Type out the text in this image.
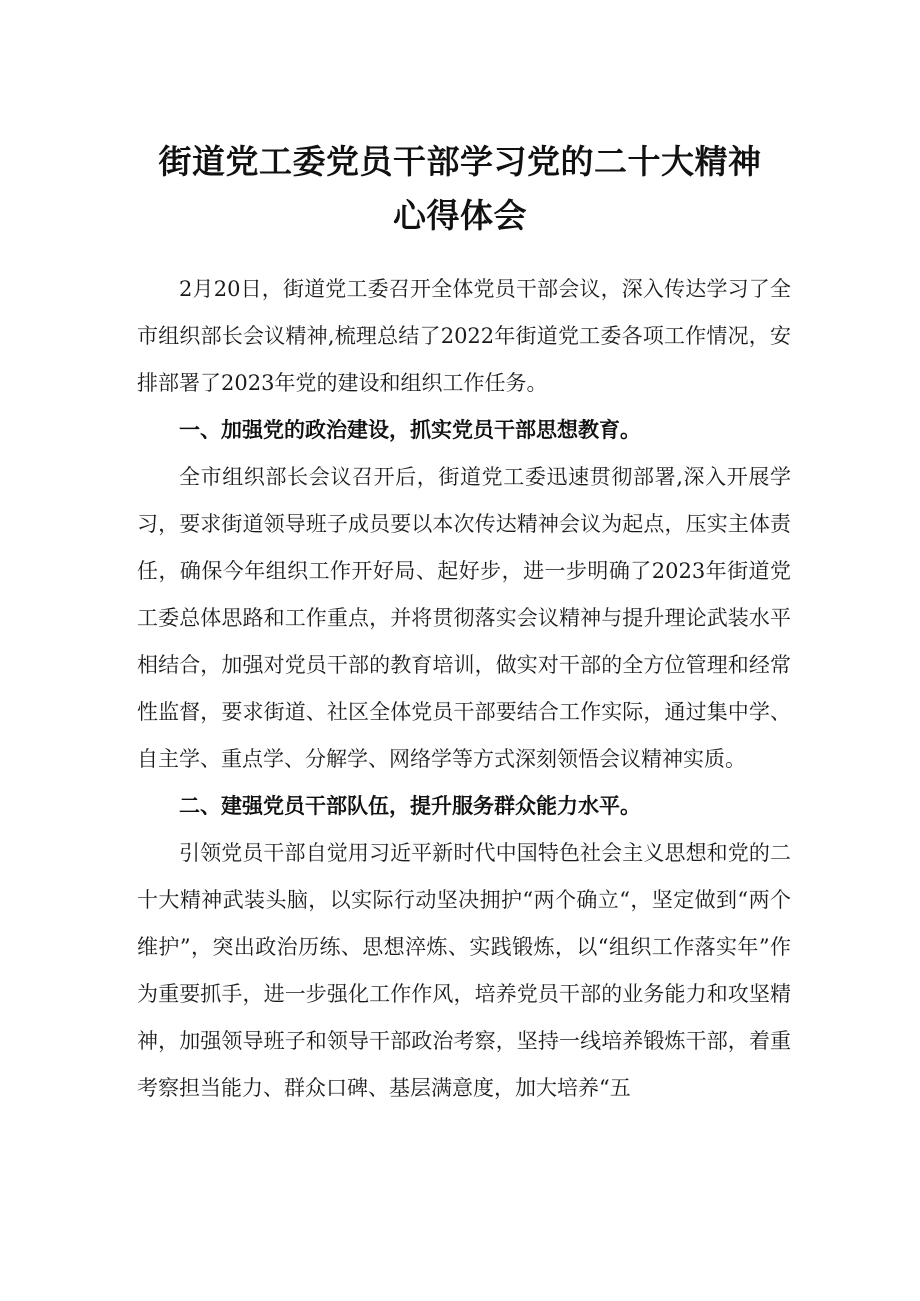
街道党工委党员干部学习党的二十大精神
心得体会

2月20日，街道党工委召开全体党员干部会议，深入传达学习了全市组织部长会议精神,梳理总结了2022年街道党工委各项工作情况，安排部署了2023年党的建设和组织工作任务。

一、加强党的政治建设，抓实党员干部思想教育。

全市组织部长会议召开后，街道党工委迅速贯彻部署,深入开展学习，要求街道领导班子成员要以本次传达精神会议为起点，压实主体责任，确保今年组织工作开好局、起好步，进一步明确了2023年街道党工委总体思路和工作重点，并将贯彻落实会议精神与提升理论武装水平相结合，加强对党员干部的教育培训，做实对干部的全方位管理和经常性监督，要求街道、社区全体党员干部要结合工作实际，通过集中学、自主学、重点学、分解学、网络学等方式深刻领悟会议精神实质。

二、建强党员干部队伍，提升服务群众能力水平。

引领党员干部自觉用习近平新时代中国特色社会主义思想和党的二十大精神武装头脑，以实际行动坚决拥护“两个确立“，坚定做到“两个维护”，突出政治历练、思想淬炼、实践锻炼，以“组织工作落实年”作为重要抓手，进一步强化工作作风，培养党员干部的业务能力和攻坚精神，加强领导班子和领导干部政治考察，坚持一线培养锻炼干部，着重考察担当能力、群众口碑、基层满意度，加大培养“五
